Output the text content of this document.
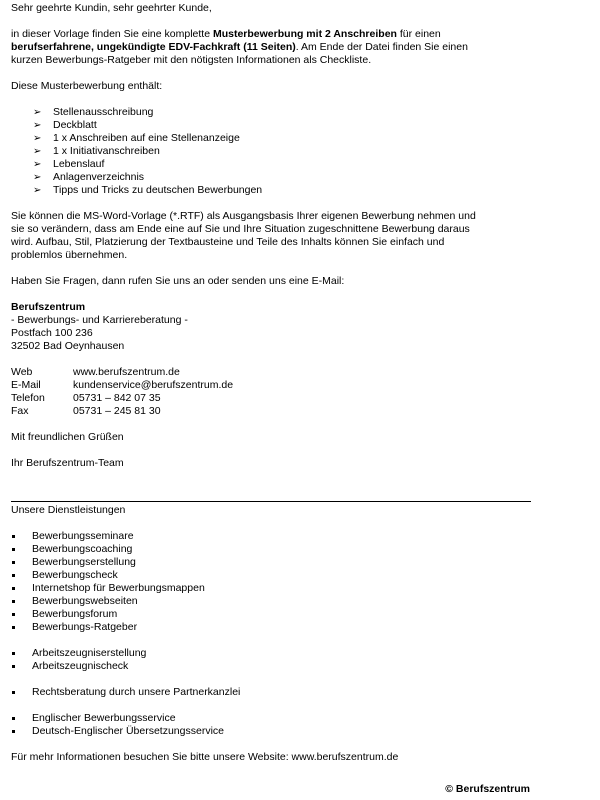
Sehr geehrte Kundin, sehr geehrter Kunde,

in dieser Vorlage finden Sie eine komplette Musterbewerbung mit 2 Anschreiben für einen
berufserfahrene, ungekündigte EDV-Fachkraft (11 Seiten). Am Ende der Datei finden Sie einen
kurzen Bewerbungs-Ratgeber mit den nötigsten Informationen als Checkliste.

Diese Musterbewerbung enthält:

➢ Stellenausschreibung
➢ Deckblatt
➢ 1 x Anschreiben auf eine Stellenanzeige
➢ 1 x Initiativanschreiben
➢ Lebenslauf
➢ Anlagenverzeichnis
➢ Tipps und Tricks zu deutschen Bewerbungen

Sie können die MS-Word-Vorlage (*.RTF) als Ausgangsbasis Ihrer eigenen Bewerbung nehmen und
sie so verändern, dass am Ende eine auf Sie und Ihre Situation zugeschnittene Bewerbung daraus
wird. Aufbau, Stil, Platzierung der Textbausteine und Teile des Inhalts können Sie einfach und
problemlos übernehmen.

Haben Sie Fragen, dann rufen Sie uns an oder senden uns eine E-Mail:

Berufszentrum

- Bewerbungs- und Karriereberatung -

Postfach 100 236

32502 Bad Oeynhausen

Web	www.berufszentrum.de
E-Mail	kundenservice@berufszentrum.de
Telefon	05731 – 842 07 35
Fax	05731 – 245 81 30

Mit freundlichen Grüßen

Ihr Berufszentrum-Team

Unsere Dienstleistungen

Bewerbungsseminare
Bewerbungscoaching
Bewerbungserstellung
Bewerbungscheck
Internetshop für Bewerbungsmappen
Bewerbungswebseiten
Bewerbungsforum
Bewerbungs-Ratgeber
Arbeitszeugniserstellung
Arbeitszeugnischeck
Rechtsberatung durch unsere Partnerkanzlei
Englischer Bewerbungsservice
Deutsch-Englischer Übersetzungsservice

Für mehr Informationen besuchen Sie bitte unsere Website: www.berufszentrum.de

© Berufszentrum
